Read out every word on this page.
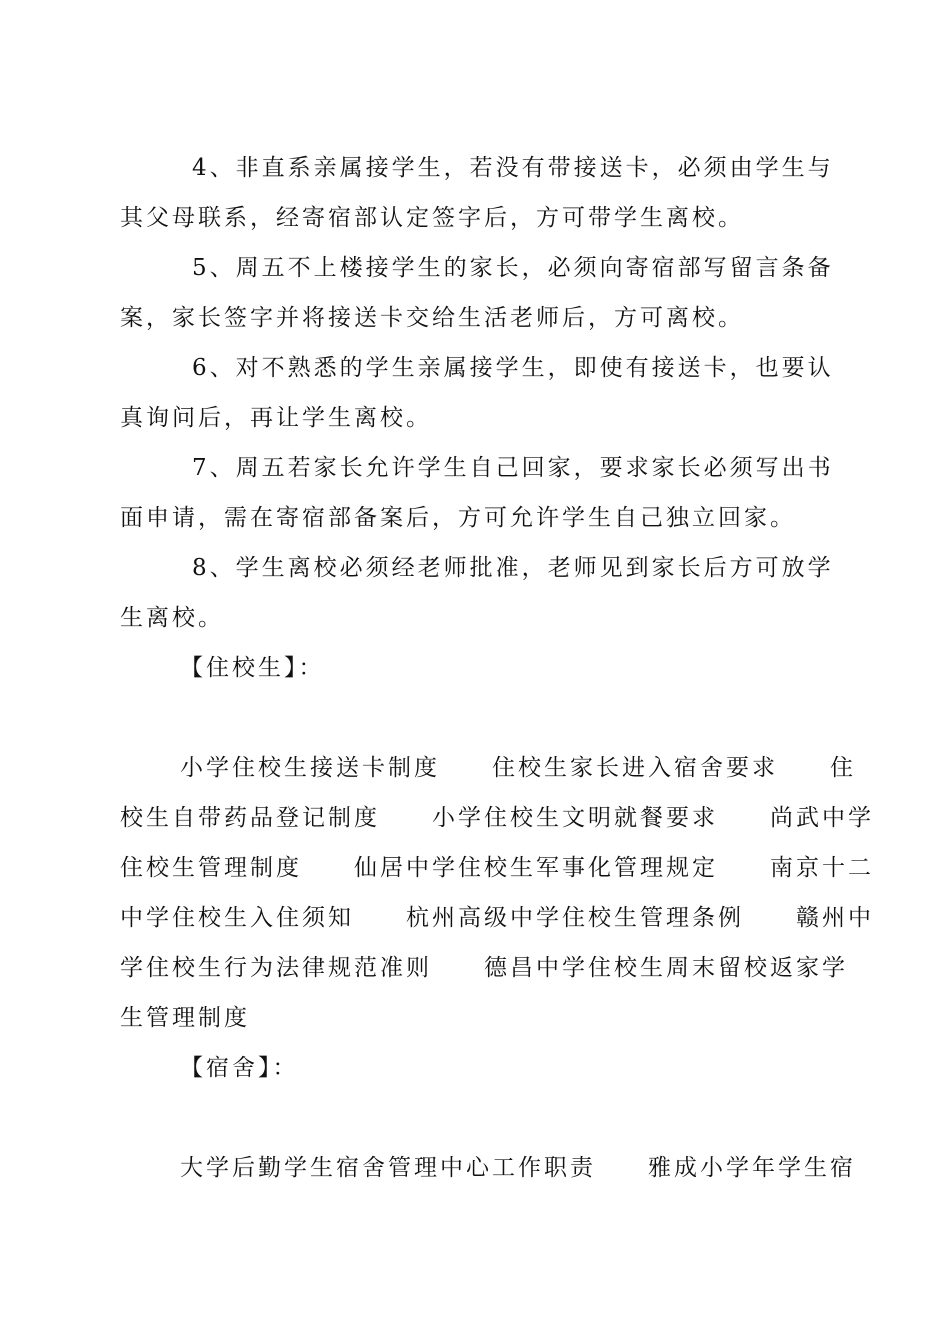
4、非直系亲属接学生，若没有带接送卡，必须由学生与
其父母联系，经寄宿部认定签字后，方可带学生离校。
5、周五不上楼接学生的家长，必须向寄宿部写留言条备
案，家长签字并将接送卡交给生活老师后，方可离校。
6、对不熟悉的学生亲属接学生，即使有接送卡，也要认
真询问后，再让学生离校。
7、周五若家长允许学生自己回家，要求家长必须写出书
面申请，需在寄宿部备案后，方可允许学生自己独立回家。
8、学生离校必须经老师批准，老师见到家长后方可放学
生离校。
【住校生】：
小学住校生接送卡制度　　住校生家长进入宿舍要求　　住
校生自带药品登记制度　　小学住校生文明就餐要求　　尚武中学
住校生管理制度　　仙居中学住校生军事化管理规定　　南京十二
中学住校生入住须知　　杭州高级中学住校生管理条例　　赣州中
学住校生行为法律规范准则　　德昌中学住校生周末留校返家学
生管理制度
【宿舍】：
大学后勤学生宿舍管理中心工作职责　　雅成小学年学生宿
